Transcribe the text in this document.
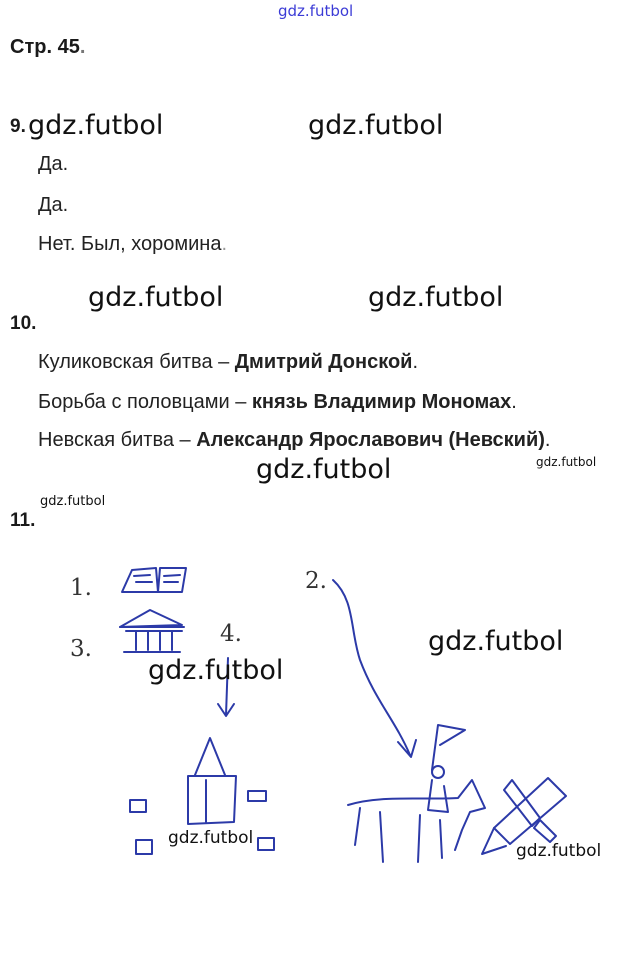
gdz.futbol
Стр. 45.
9. gdz.futbol	gdz.futbol
Да.
Да.
Нет. Был, хоромина.
gdz.futbol	gdz.futbol
10.
Куликовская битва – Дмитрий Донской.
Борьба с половцами – князь Владимир Мономах.
Невская битва – Александр Ярославович (Невский).
gdz.futbol
gdz.futbol
gdz.futbol
11.
1.	2.
3.
4.	gdz.futbol
gdz.futbol
gdz.futbol
gdz.futbol
